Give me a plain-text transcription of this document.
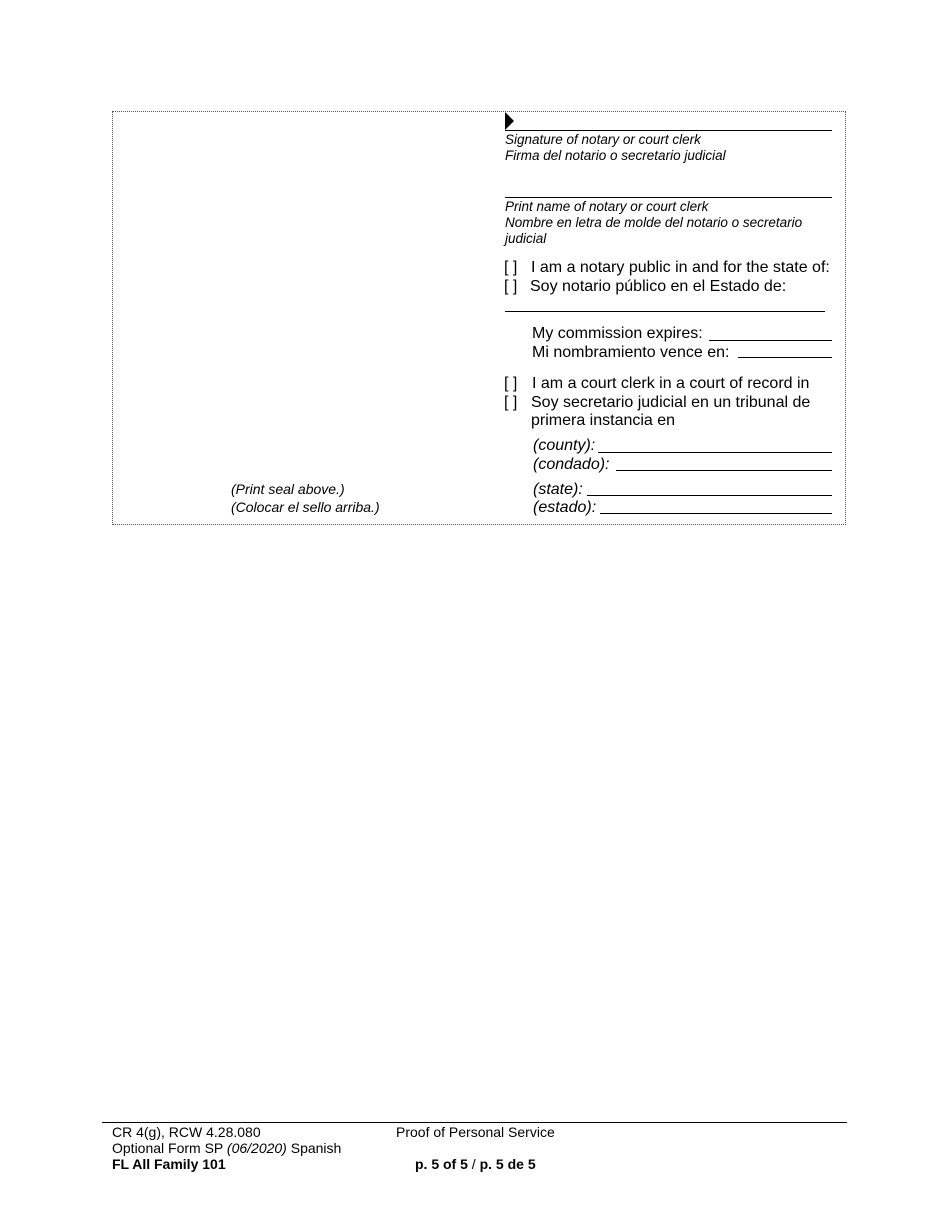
Signature of notary or court clerk
Firma del notario o secretario judicial
Print name of notary or court clerk
Nombre en letra de molde del notario o secretario
judicial
[ ] I am a notary public in and for the state of:
[ ] Soy notario público en el Estado de:
My commission expires:
Mi nombramiento vence en:
[ ] I am a court clerk in a court of record in
[ ] Soy secretario judicial en un tribunal de
primera instancia en
(county):
(condado):
(state):
(estado):
(Print seal above.)
(Colocar el sello arriba.)
CR 4(g), RCW 4.28.080
Optional Form SP (06/2020) Spanish
FL All Family 101
Proof of Personal Service
p. 5 of 5 / p. 5 de 5
